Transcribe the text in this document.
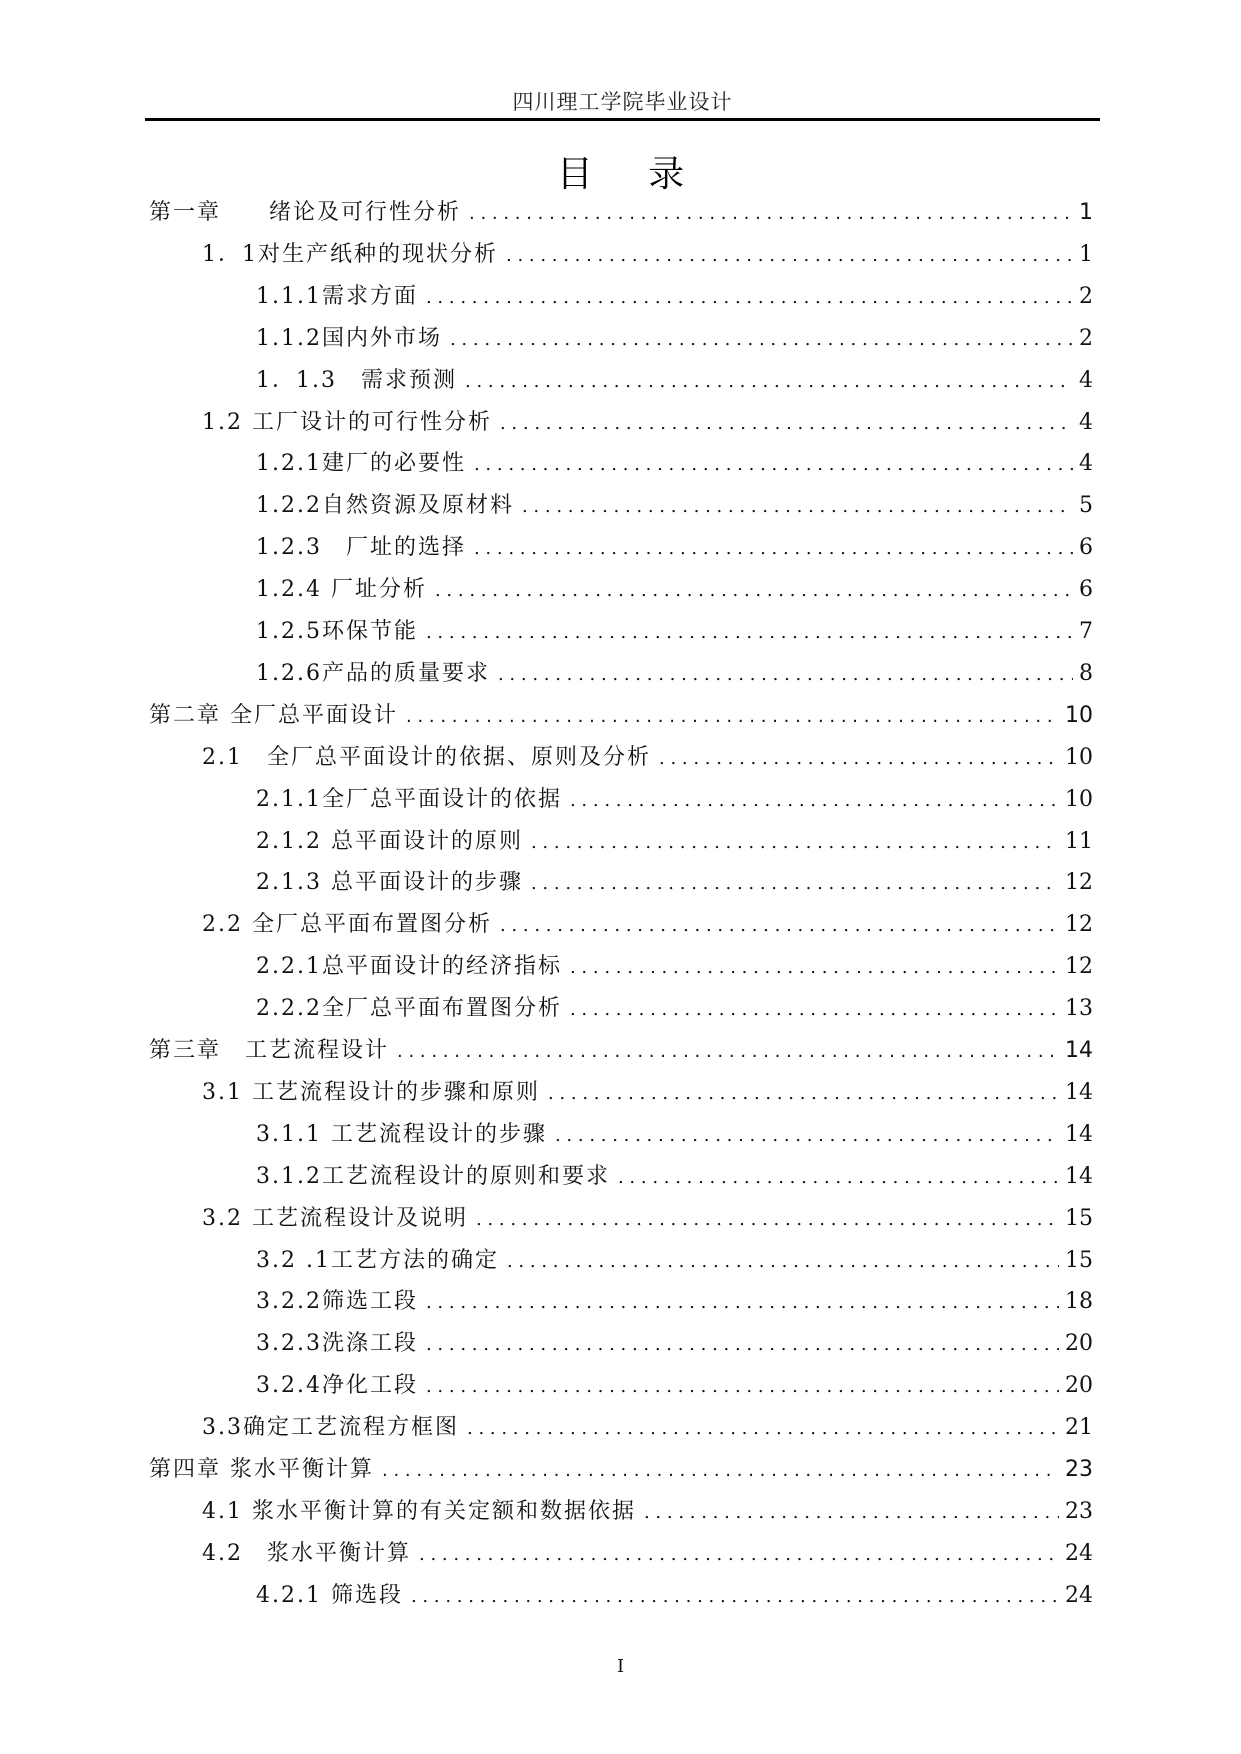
四川理工学院毕业设计
目 录
第一章　　绪论及可行性分析 . . .	1
1．1对生产纸种的现状分析 . . .	1
1.1.1需求方面 . . .	2
1.1.2国内外市场 . . .	2
1．1.3　需求预测 . . .	4
1.2 工厂设计的可行性分析 . . .	4
1.2.1建厂的必要性 . . .	4
1.2.2自然资源及原材料 . . .	5
1.2.3　厂址的选择 . . .	6
1.2.4 厂址分析 . . .	6
1.2.5环保节能 . . .	7
1.2.6产品的质量要求 . . .	8
第二章 全厂总平面设计 . . .	10
2.1　全厂总平面设计的依据、原则及分析 . . .	10
2.1.1全厂总平面设计的依据 . . .	10
2.1.2 总平面设计的原则 . . .	11
2.1.3 总平面设计的步骤 . . .	12
2.2 全厂总平面布置图分析 . . .	12
2.2.1总平面设计的经济指标 . . .	12
2.2.2全厂总平面布置图分析 . . .	13
第三章　工艺流程设计 . . .	14
3.1 工艺流程设计的步骤和原则 . . .	14
3.1.1 工艺流程设计的步骤 . . .	14
3.1.2工艺流程设计的原则和要求 . . .	14
3.2 工艺流程设计及说明 . . .	15
3.2 .1工艺方法的确定 . . .	15
3.2.2筛选工段 . . .	18
3.2.3洗涤工段 . . .	20
3.2.4净化工段 . . .	20
3.3确定工艺流程方框图 . . .	21
第四章 浆水平衡计算 . . .	23
4.1 浆水平衡计算的有关定额和数据依据 . . .	23
4.2　浆水平衡计算 . . .	24
4.2.1 筛选段 . . .	24
I
